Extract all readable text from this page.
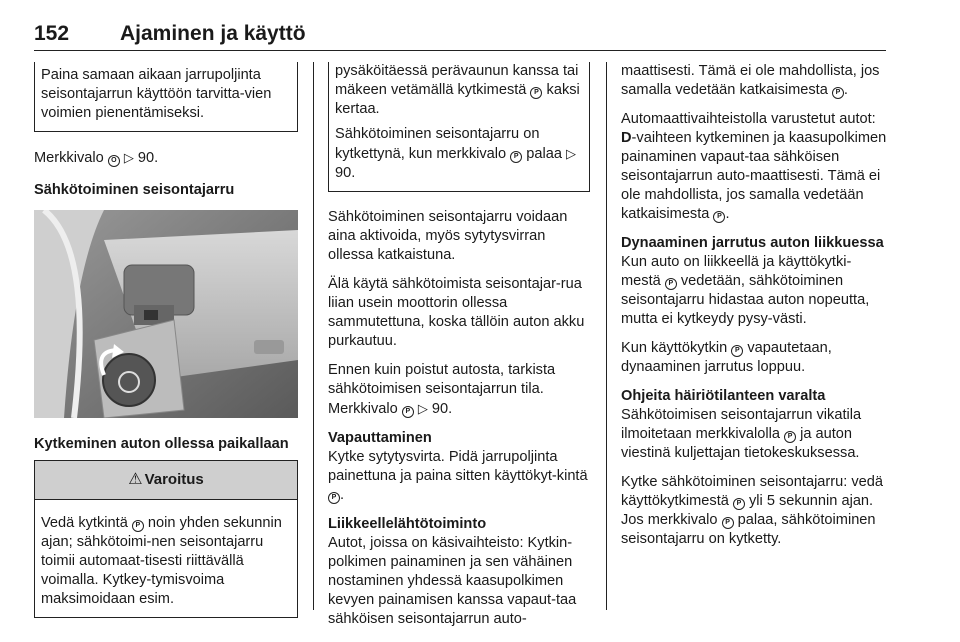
152 Ajaminen ja käyttö

Paina samaan aikaan jarrupoljinta seisontajarrun käyttöön tarvitta-vien voimien pienentämiseksi.

Merkkivalo O ▷ 90.

Sähkötoiminen seisontajarru
Kytkeminen auton ollessa paikallaan
⚠ Varoitus

Vedä kytkintä P noin yhden sekunnin ajan; sähkötoimi-nen seisontajarru toimii automaat-tisesti riittävällä voimalla. Kytkey-tymisvoima maksimoidaan esim.

pysäköitäessä perävaunun kanssa tai mäkeen vetämällä kytkimestä P kaksi kertaa.

Sähkötoiminen seisontajarru on kytkettynä, kun merkkivalo P palaa ▷ 90.

Sähkötoiminen seisontajarru voidaan aina aktivoida, myös sytytysvirran ollessa katkaistuna.

Älä käytä sähkötoimista seisontajar-rua liian usein moottorin ollessa sammutettuna, koska tällöin auton akku purkautuu.

Ennen kuin poistut autosta, tarkista sähkötoimisen seisontajarrun tila. Merkkivalo P ▷ 90.

Vapauttaminen

Kytke sytytysvirta. Pidä jarrupoljinta painettuna ja paina sitten käyttökyt-kintä P .

Liikkeellelähtötoiminto

Autot, joissa on käsivaihteisto: Kytkin-polkimen painaminen ja sen vähäinen nostaminen yhdessä kaasupolkimen kevyen painamisen kanssa vapaut-taa sähköisen seisontajarrun auto-

maattisesti. Tämä ei ole mahdollista, jos samalla vedetään katkaisimesta P .

Automaattivaihteistolla varustetut autot: D-vaihteen kytkeminen ja kaasupolkimen painaminen vapaut-taa sähköisen seisontajarrun auto-maattisesti. Tämä ei ole mahdollista, jos samalla vedetään katkaisimesta P .

Dynaaminen jarrutus auton liikkuessa

Kun auto on liikkeellä ja käyttökytki-mestä P vedetään, sähkötoiminen seisontajarru hidastaa auton nopeutta, mutta ei kytkeydy pysy-västi.

Kun käyttökytkin P vapautetaan, dynaaminen jarrutus loppuu.

Ohjeita häiriötilanteen varalta

Sähkötoimisen seisontajarrun vikatila ilmoitetaan merkkivalolla P ja auton viestinä kuljettajan tietokeskuksessa.

Kytke sähkötoiminen seisontajarru: vedä käyttökytkimestä P yli 5 sekunnin ajan. Jos merkkivalo P palaa, sähkötoiminen seisontajarru on kytketty.
